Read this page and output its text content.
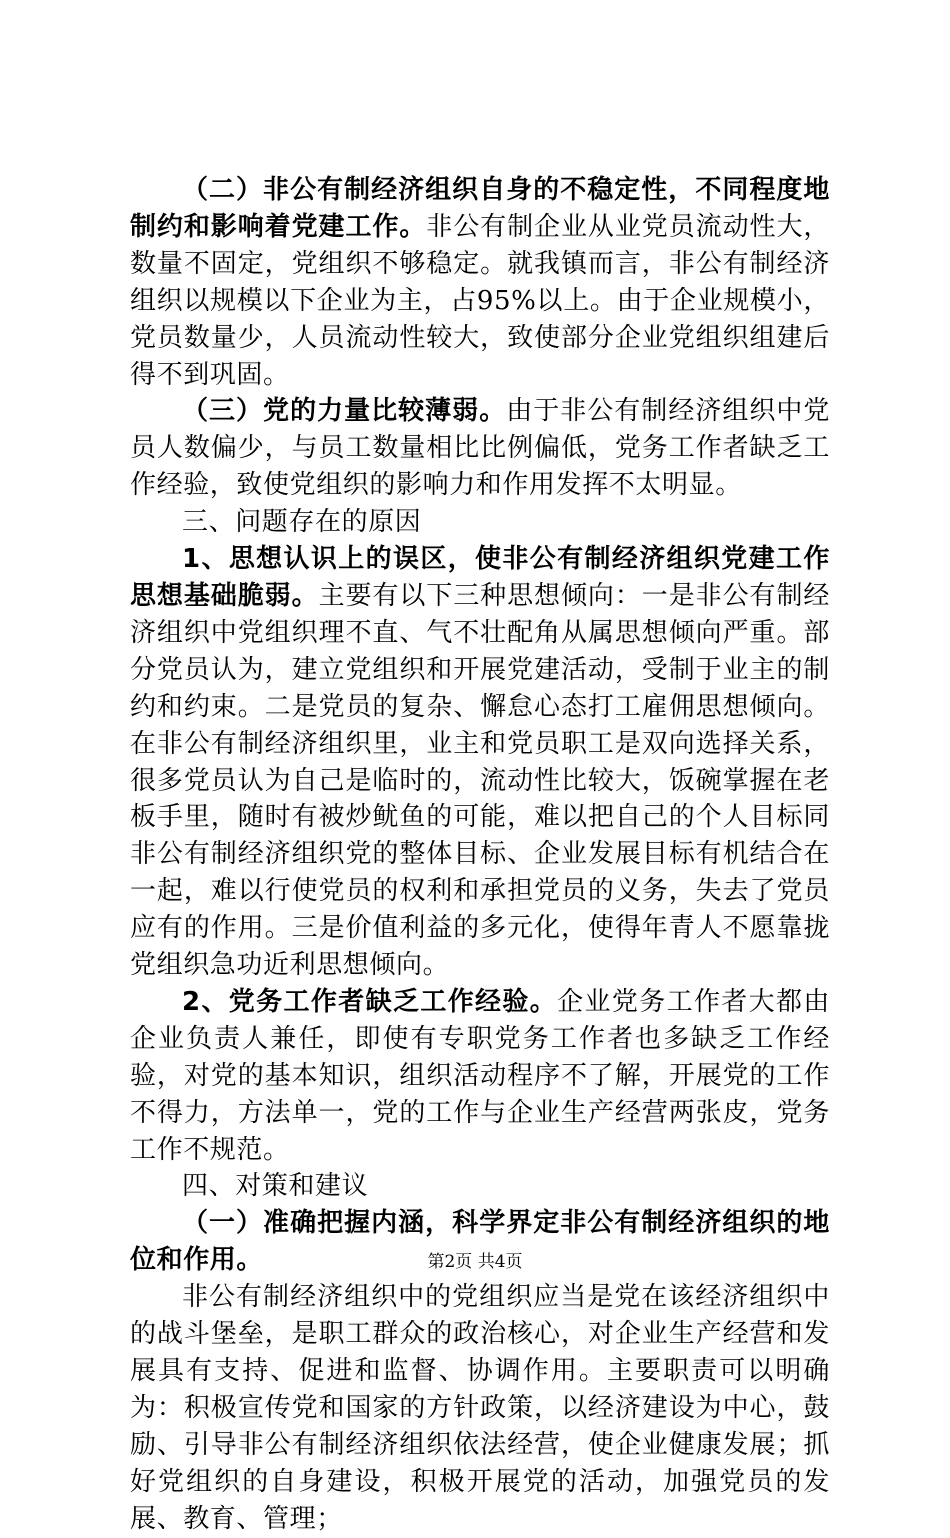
（二）非公有制经济组织自身的不稳定性，不同程度地制约和影响着党建工作。非公有制企业从业党员流动性大，数量不固定，党组织不够稳定。就我镇而言，非公有制经济组织以规模以下企业为主，占95%以上。由于企业规模小，党员数量少，人员流动性较大，致使部分企业党组织组建后得不到巩固。

（三）党的力量比较薄弱。由于非公有制经济组织中党员人数偏少，与员工数量相比比例偏低，党务工作者缺乏工作经验，致使党组织的影响力和作用发挥不太明显。

三、问题存在的原因

1、思想认识上的误区，使非公有制经济组织党建工作思想基础脆弱。主要有以下三种思想倾向：一是非公有制经济组织中党组织理不直、气不壮配角从属思想倾向严重。部分党员认为，建立党组织和开展党建活动，受制于业主的制约和约束。二是党员的复杂、懈怠心态打工雇佣思想倾向。在非公有制经济组织里，业主和党员职工是双向选择关系，很多党员认为自己是临时的，流动性比较大，饭碗掌握在老板手里，随时有被炒鱿鱼的可能，难以把自己的个人目标同非公有制经济组织党的整体目标、企业发展目标有机结合在一起，难以行使党员的权利和承担党员的义务，失去了党员应有的作用。三是价值利益的多元化，使得年青人不愿靠拢党组织急功近利思想倾向。

2、党务工作者缺乏工作经验。企业党务工作者大都由企业负责人兼任，即使有专职党务工作者也多缺乏工作经验，对党的基本知识，组织活动程序不了解，开展党的工作不得力，方法单一，党的工作与企业生产经营两张皮，党务工作不规范。

四、对策和建议

（一）准确把握内涵，科学界定非公有制经济组织的地位和作用。

非公有制经济组织中的党组织应当是党在该经济组织中的战斗堡垒，是职工群众的政治核心，对企业生产经营和发展具有支持、促进和监督、协调作用。主要职责可以明确为：积极宣传党和国家的方针政策，以经济建设为中心，鼓励、引导非公有制经济组织依法经营，使企业健康发展；抓好党组织的自身建设，积极开展党的活动，加强党员的发展、教育、管理；

第2页 共4页
